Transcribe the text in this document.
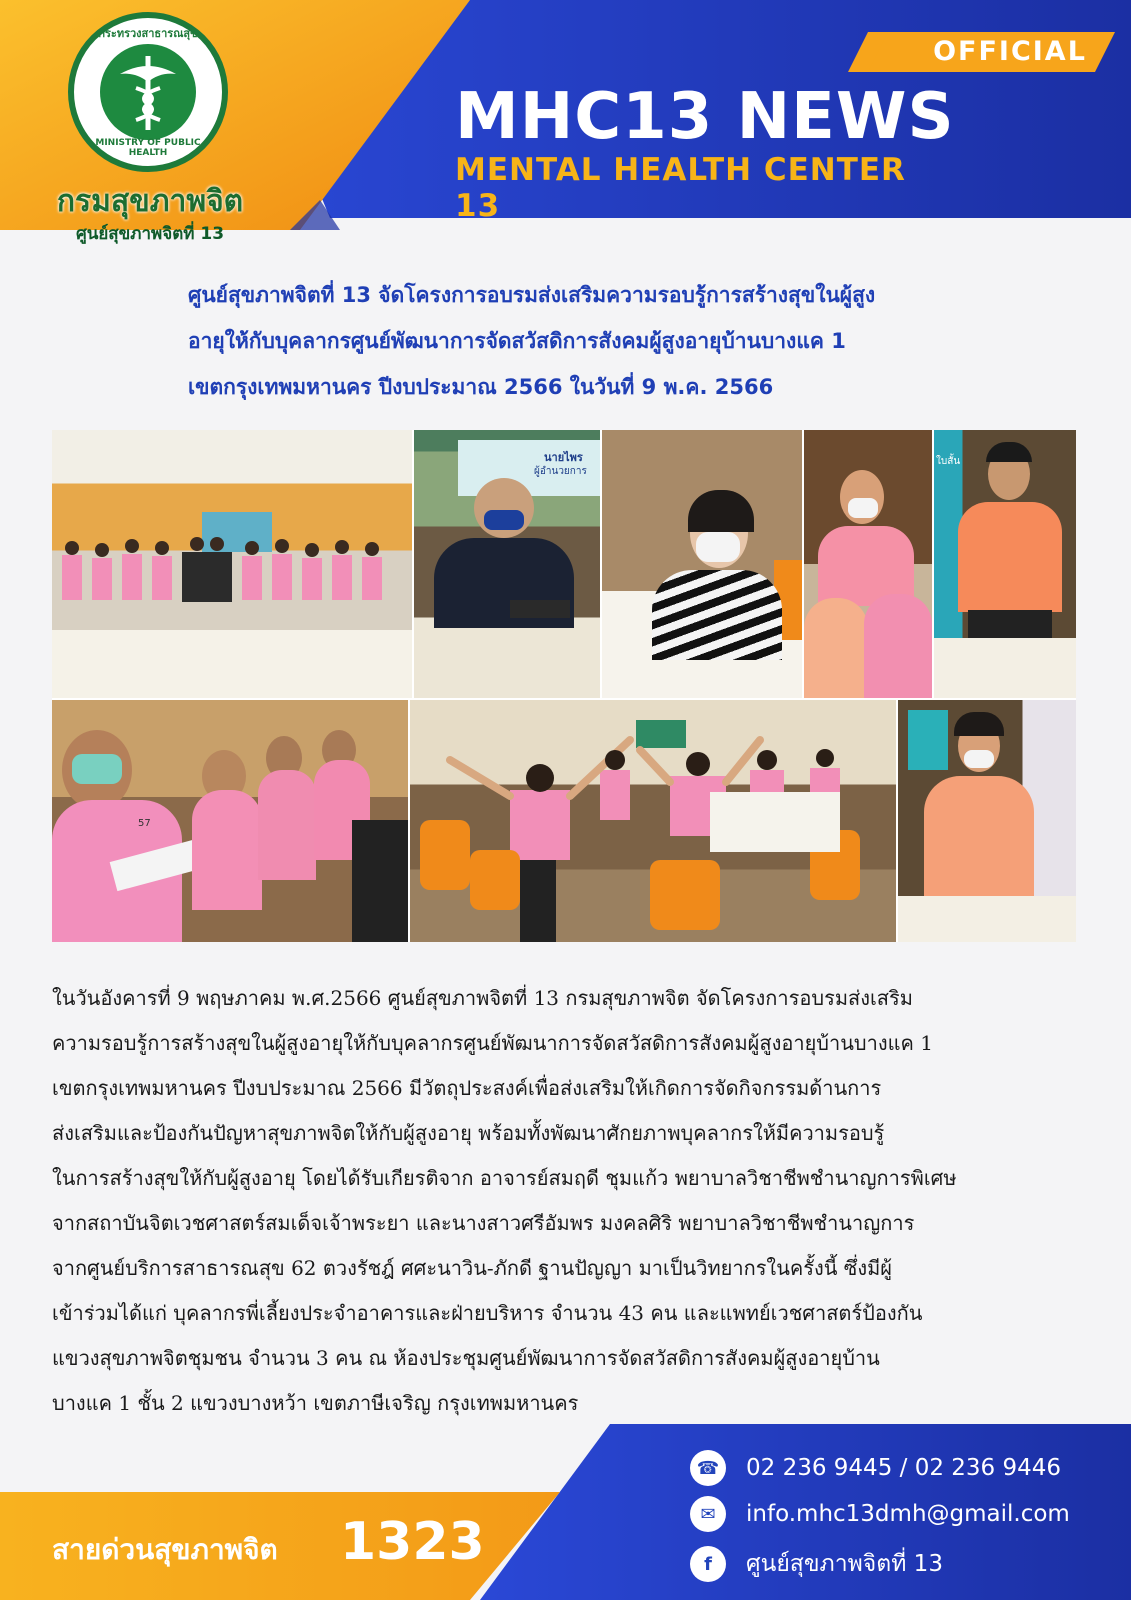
กระทรวงสาธารณสุข
MINISTRY OF PUBLIC HEALTH
กรมสุขภาพจิต
ศูนย์สุขภาพจิตที่ 13
OFFICIAL
MHC13 NEWS
MENTAL HEALTH CENTER 13
ศูนย์สุขภาพจิตที่ 13 จัดโครงการอบรมส่งเสริมความรอบรู้การสร้างสุขในผู้สูง
อายุให้กับบุคลากรศูนย์พัฒนาการจัดสวัสดิการสังคมผู้สูงอายุบ้านบางแค 1
เขตกรุงเทพมหานคร ปีงบประมาณ 2566 ในวันที่ 9 พ.ค. 2566
นายไพร
ผู้อำนวยการ
ใบสั้น
57
ในวันอังคารที่ 9 พฤษภาคม พ.ศ.2566 ศูนย์สุขภาพจิตที่ 13 กรมสุขภาพจิต จัดโครงการอบรมส่งเสริม
ความรอบรู้การสร้างสุขในผู้สูงอายุให้กับบุคลากรศูนย์พัฒนาการจัดสวัสดิการสังคมผู้สูงอายุบ้านบางแค 1
เขตกรุงเทพมหานคร ปีงบประมาณ 2566 มีวัตถุประสงค์เพื่อส่งเสริมให้เกิดการจัดกิจกรรมด้านการ
ส่งเสริมและป้องกันปัญหาสุขภาพจิตให้กับผู้สูงอายุ พร้อมทั้งพัฒนาศักยภาพบุคลากรให้มีความรอบรู้
ในการสร้างสุขให้กับผู้สูงอายุ โดยได้รับเกียรติจาก อาจารย์สมฤดี ชุมแก้ว พยาบาลวิชาชีพชำนาญการพิเศษ
จากสถาบันจิตเวชศาสตร์สมเด็จเจ้าพระยา และนางสาวศรีอัมพร มงคลศิริ พยาบาลวิชาชีพชำนาญการ
จากศูนย์บริการสาธารณสุข 62 ตวงรัชฎ์ ศศะนาวิน-ภักดี ฐานปัญญา มาเป็นวิทยากรในครั้งนี้ ซึ่งมีผู้
เข้าร่วมได้แก่ บุคลากรพี่เลี้ยงประจำอาคารและฝ่ายบริหาร จำนวน 43 คน และแพทย์เวชศาสตร์ป้องกัน
แขวงสุขภาพจิตชุมชน จำนวน 3 คน ณ ห้องประชุมศูนย์พัฒนาการจัดสวัสดิการสังคมผู้สูงอายุบ้าน
บางแค 1 ชั้น 2 แขวงบางหว้า เขตภาษีเจริญ กรุงเทพมหานคร
สายด่วนสุขภาพจิต 1323
☎ 02 236 9445 / 02 236 9446
✉	info.mhc13dmh@gmail.com
f	ศูนย์สุขภาพจิตที่ 13
